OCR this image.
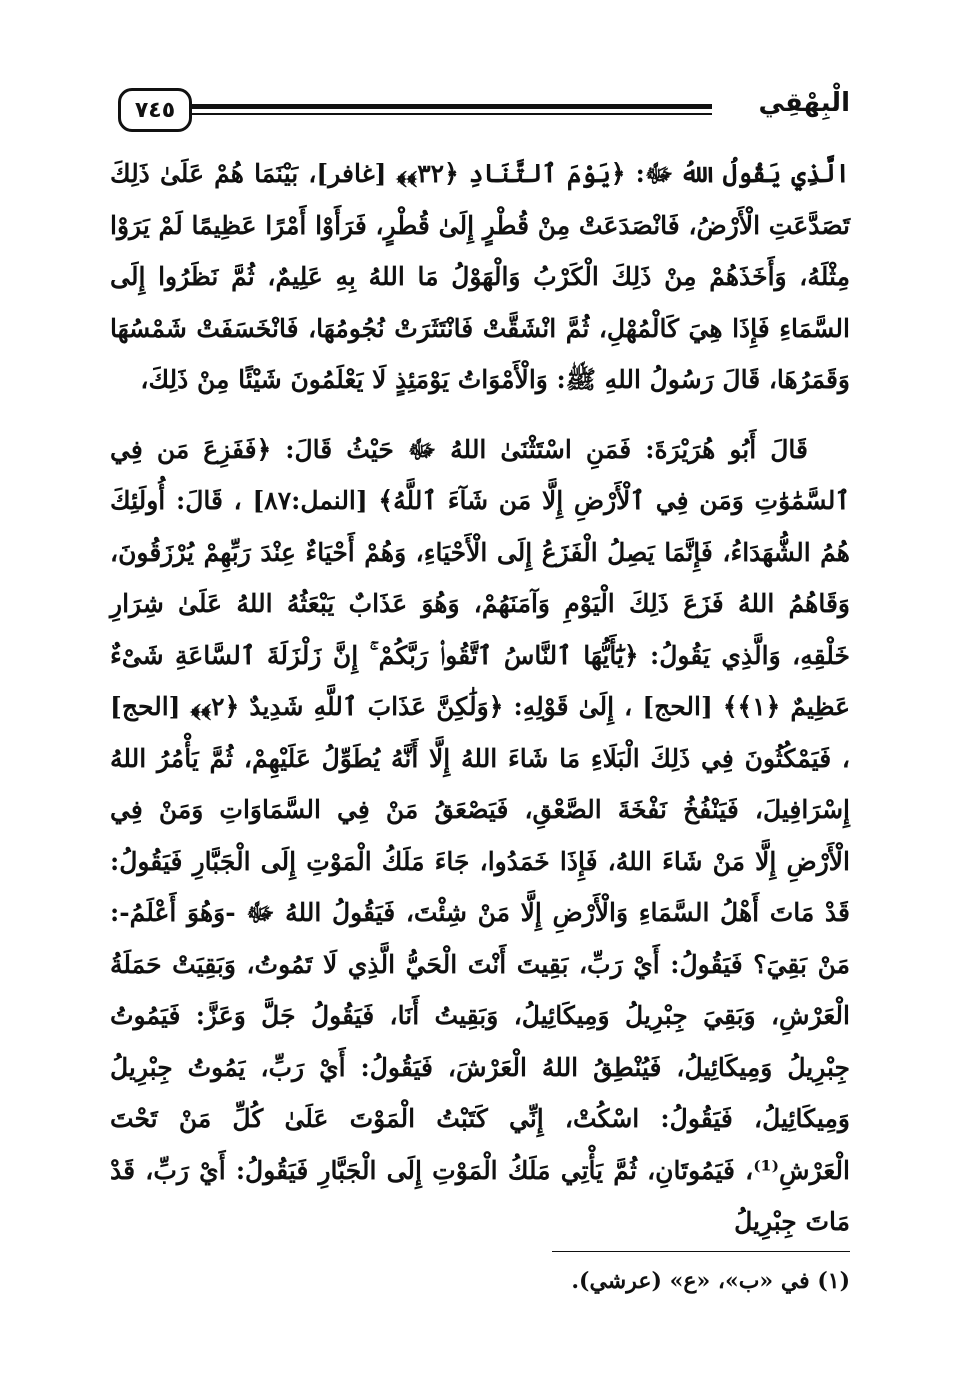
٧٤٥	الْبِهْقِي

الَّذِي يَقُولُ اللهُ ﷻ: ﴿يَوْمَ ٱلتَّنَادِ ﴿٣٢﴾﴾ [غافر]، بَيْنَمَا هُمْ عَلَىٰ ذَلِكَ تَصَدَّعَتِ الْأَرْضُ، فَانْصَدَعَتْ مِنْ قُطْرٍ إِلَىٰ قُطْرٍ، فَرَأَوْا أَمْرًا عَظِيمًا لَمْ يَرَوْا مِثْلَهُ، وَأَخَذَهُمْ مِنْ ذَلِكَ الْكَرْبُ وَالْهَوْلُ مَا اللهُ بِهِ عَلِيمٌ، ثُمَّ نَظَرُوا إِلَى السَّمَاءِ فَإِذَا هِيَ كَالْمُهْلِ، ثُمَّ انْشَقَّتْ فَانْتَثَرَتْ نُجُومُهَا، فَانْخَسَفَتْ شَمْسُهَا وَقَمَرُهَا، قَالَ رَسُولُ اللهِ ﷺ: وَالْأَمْوَاتُ يَوْمَئِذٍ لَا يَعْلَمُونَ شَيْئًا مِنْ ذَلِكَ،

قَالَ أَبُو هُرَيْرَةَ: فَمَنِ اسْتَثْنَىٰ اللهُ ﷻ حَيْثُ قَالَ: ﴿فَفَزِعَ مَن فِي ٱلسَّمَٰوَٰتِ وَمَن فِي ٱلْأَرْضِ إِلَّا مَن شَآءَ ٱللَّهُ﴾ [النمل:٨٧] ، قَالَ: أُولَئِكَ هُمُ الشُّهَدَاءُ، فَإِنَّمَا يَصِلُ الْفَزَعُ إِلَى الْأَحْيَاءِ، وَهُمْ أَحْيَاءٌ عِنْدَ رَبِّهِمْ يُرْزَقُونَ، وَقَاهُمُ اللهُ فَزَعَ ذَلِكَ الْيَوْمِ وَآمَنَهُمْ، وَهُوَ عَذَابٌ يَبْعَثُهُ اللهُ عَلَىٰ شِرَارِ خَلْقِهِ، وَالَّذِي يَقُولُ: ﴿يَٰٓأَيُّهَا ٱلنَّاسُ ٱتَّقُوا۟ رَبَّكُمْ ۚ إِنَّ زَلْزَلَةَ ٱلسَّاعَةِ شَىْءٌ عَظِيمٌ ﴿١﴾﴾ [الحج] ، إِلَىٰ قَوْلِهِ: ﴿وَلَٰكِنَّ عَذَابَ ٱللَّهِ شَدِيدٌ ﴿٢﴾﴾ [الحج] ، فَيَمْكُثُونَ فِي ذَلِكَ الْبَلَاءِ مَا شَاءَ اللهُ إِلَّا أَنَّهُ يُطَوِّلُ عَلَيْهِمْ، ثُمَّ يَأْمُرُ اللهُ إِسْرَافِيلَ، فَيَنْفُخُ نَفْخَةَ الصَّعْقِ، فَيَصْعَقُ مَنْ فِي السَّمَاوَاتِ وَمَنْ فِي الْأَرْضِ إِلَّا مَنْ شَاءَ اللهُ، فَإِذَا خَمَدُوا، جَاءَ مَلَكُ الْمَوْتِ إِلَى الْجَبَّارِ فَيَقُولُ: قَدْ مَاتَ أَهْلُ السَّمَاءِ وَالْأَرْضِ إِلَّا مَنْ شِئْتَ، فَيَقُولُ اللهُ ﷻ -وَهُوَ أَعْلَمُ-: مَنْ بَقِيَ؟ فَيَقُولُ: أَيْ رَبِّ، بَقِيتَ أَنْتَ الْحَيُّ الَّذِي لَا تَمُوتُ، وَبَقِيَتْ حَمَلَةُ الْعَرْشِ، وَبَقِيَ جِبْرِيلُ وَمِيكَائِيلُ، وَبَقِيتُ أَنَا، فَيَقُولُ جَلَّ وَعَزَّ: فَيَمُوتُ جِبْرِيلُ وَمِيكَائِيلُ، فَيُنْطِقُ اللهُ الْعَرْشَ، فَيَقُولُ: أَيْ رَبِّ، يَمُوتُ جِبْرِيلُ وَمِيكَائِيلُ، فَيَقُولُ: اسْكُتْ، إِنِّي كَتَبْتُ الْمَوْتَ عَلَىٰ كُلِّ مَنْ تَحْتَ الْعَرْشِ⁽¹⁾، فَيَمُوتَانِ، ثُمَّ يَأْتِي مَلَكُ الْمَوْتِ إِلَى الْجَبَّارِ فَيَقُولُ: أَيْ رَبِّ، قَدْ مَاتَ جِبْرِيلُ

(١) في «ب»، «ع» (عرشي).
